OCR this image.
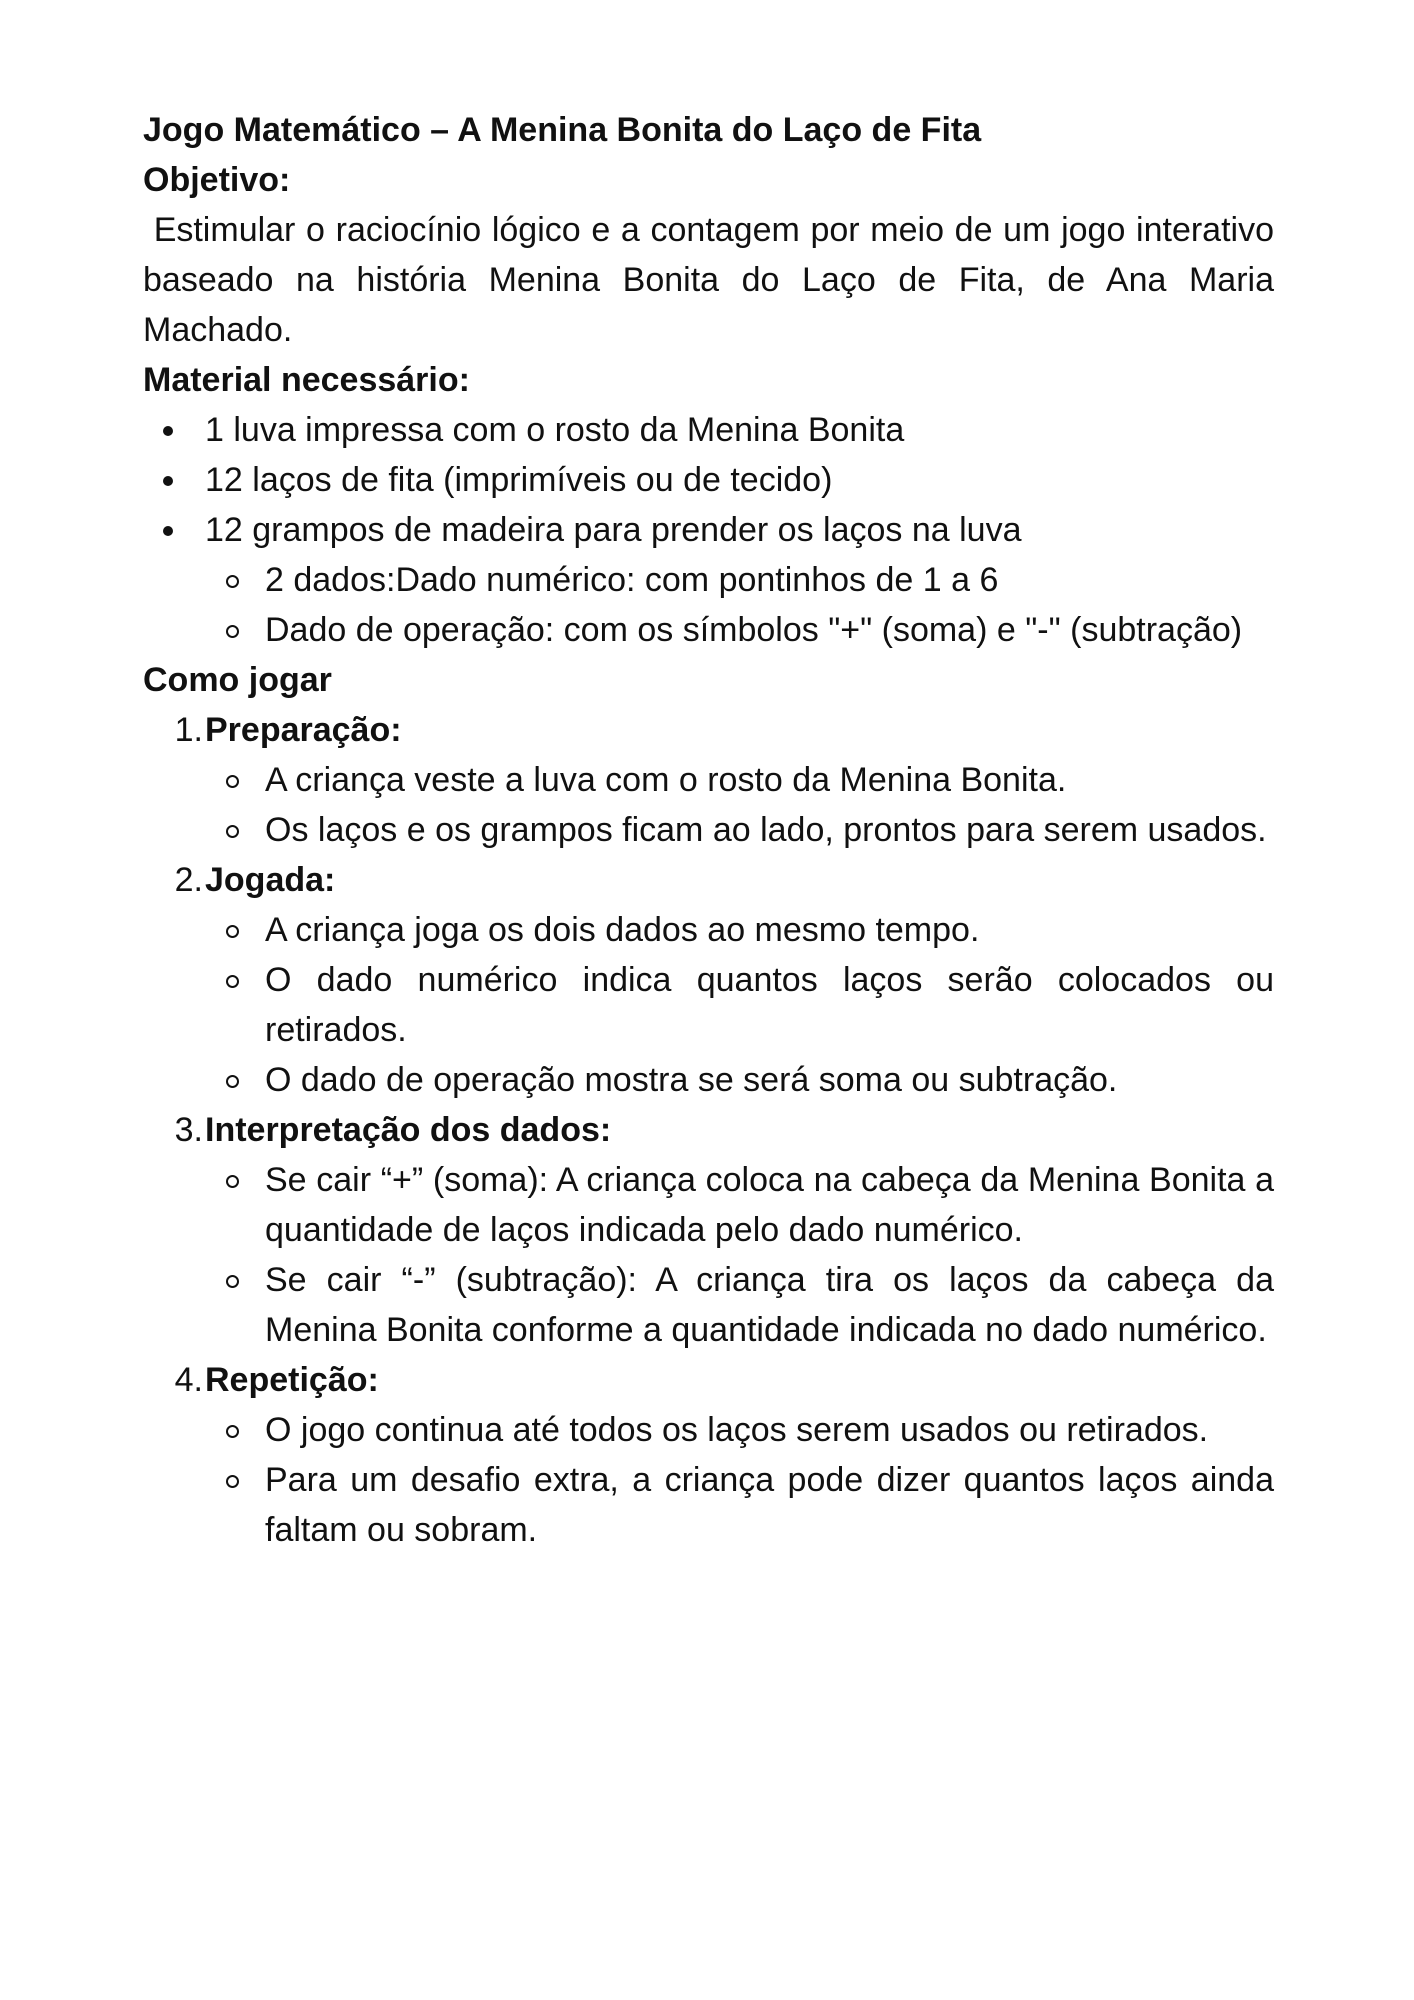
Jogo Matemático – A Menina Bonita do Laço de Fita
Objetivo:

Estimular o raciocínio lógico e a contagem por meio de um jogo interativo baseado na história Menina Bonita do Laço de Fita, de Ana Maria Machado.

Material necessário:
1 luva impressa com o rosto da Menina Bonita
12 laços de fita (imprimíveis ou de tecido)
12 grampos de madeira para prender os laços na luva
2 dados:Dado numérico: com pontinhos de 1 a 6
Dado de operação: com os símbolos "+" (soma) e "-" (subtração)
Como jogar
1. Preparação:
A criança veste a luva com o rosto da Menina Bonita.
Os laços e os grampos ficam ao lado, prontos para serem usados.
2. Jogada:
A criança joga os dois dados ao mesmo tempo.
O dado numérico indica quantos laços serão colocados ou retirados.
O dado de operação mostra se será soma ou subtração.
3. Interpretação dos dados:
Se cair “+” (soma): A criança coloca na cabeça da Menina Bonita a quantidade de laços indicada pelo dado numérico.
Se cair “-” (subtração): A criança tira os laços da cabeça da Menina Bonita conforme a quantidade indicada no dado numérico.
4. Repetição:
O jogo continua até todos os laços serem usados ou retirados.
Para um desafio extra, a criança pode dizer quantos laços ainda faltam ou sobram.
